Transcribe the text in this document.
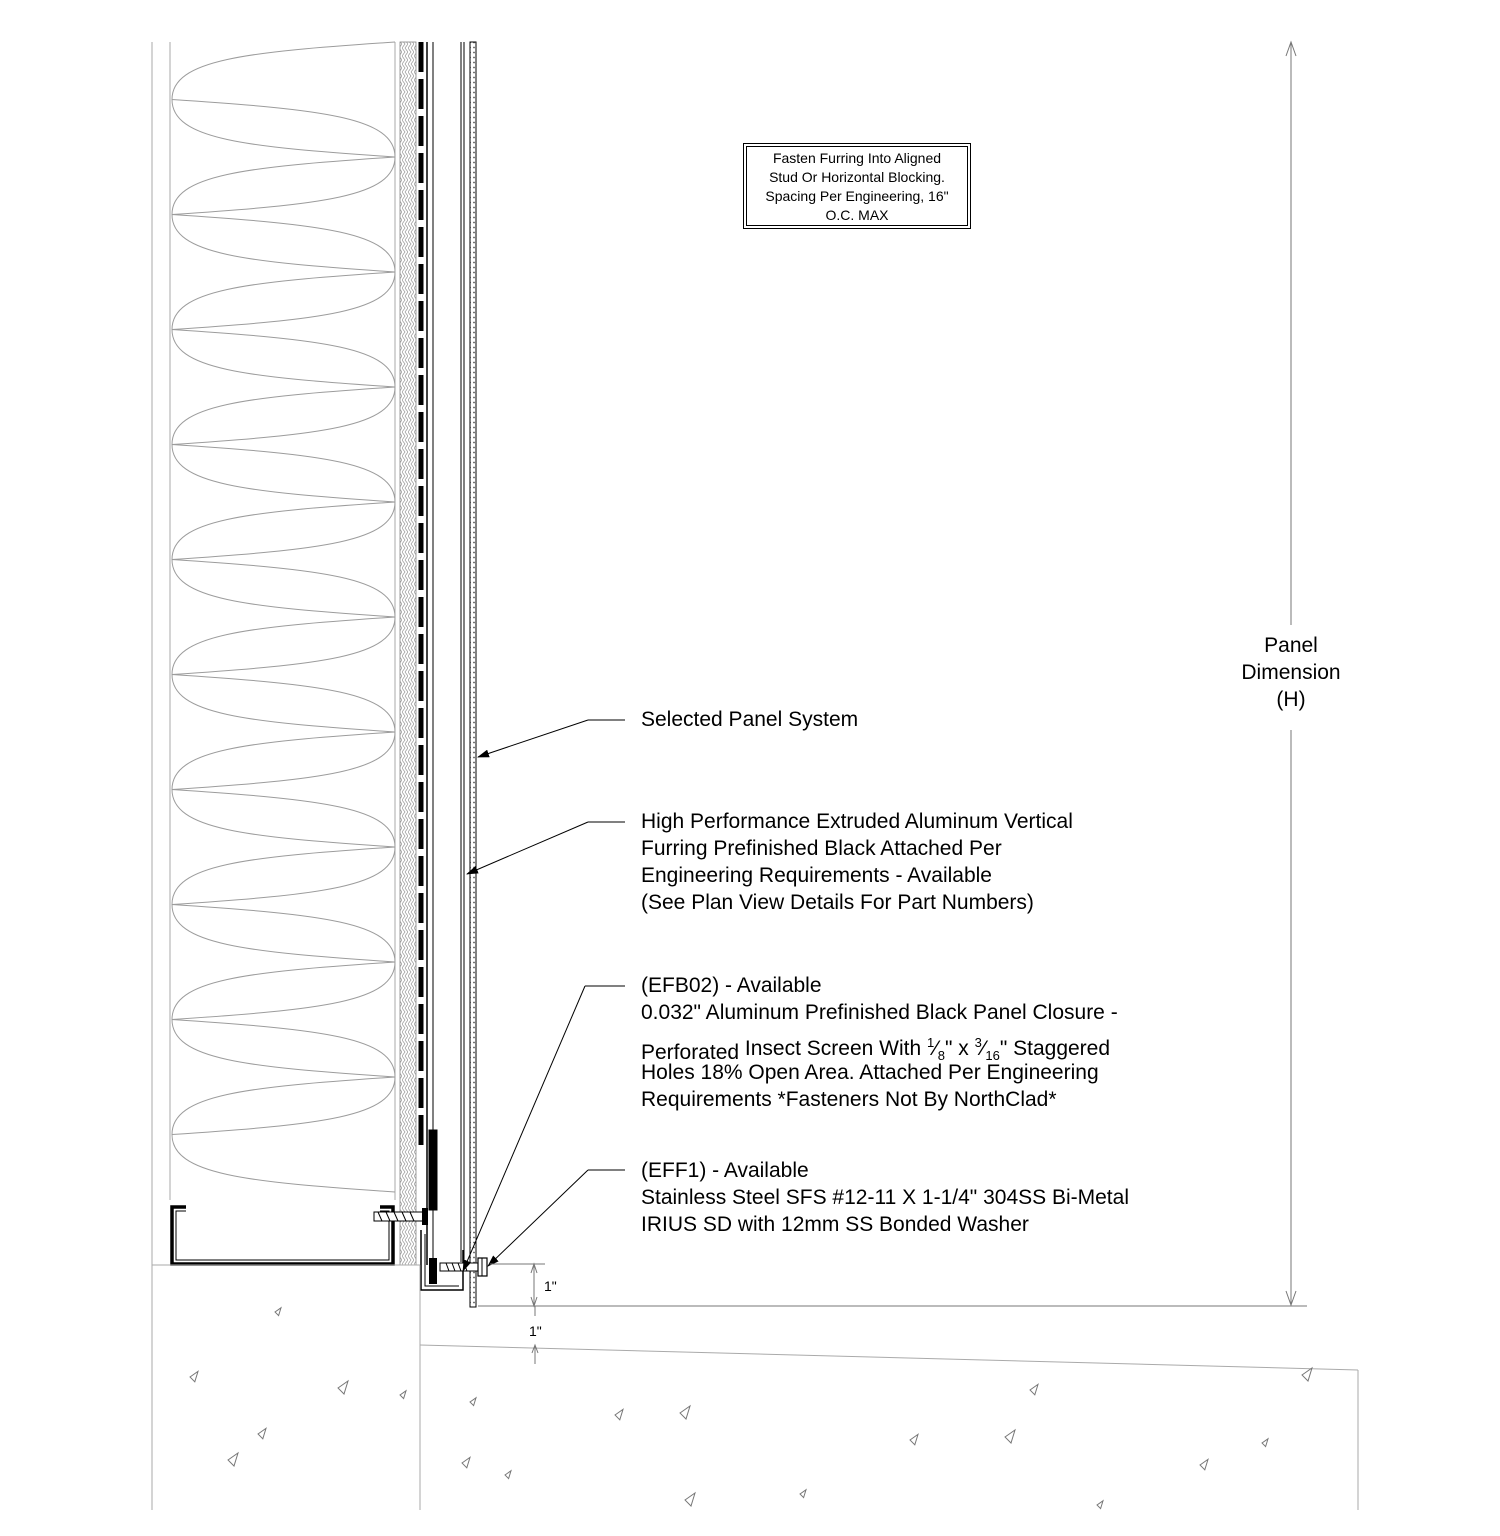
Fasten Furring Into Aligned
Stud Or Horizontal Blocking.
Spacing Per Engineering, 16"
O.C. MAX
Panel
Dimension
(H)
Selected Panel System
High Performance Extruded Aluminum Vertical
Furring Prefinished Black Attached Per
Engineering Requirements - Available
(See Plan View Details For Part Numbers)
(EFB02) - Available
0.032" Aluminum Prefinished Black Panel Closure -
Perforated Insect Screen With $^1⁄_8$" x $^3⁄_{16}$" Staggered
Holes 18% Open Area. Attached Per Engineering
Requirements *Fasteners Not By NorthClad*
(EFF1) - Available
Stainless Steel SFS #12-11 X 1-1/4" 304SS Bi-Metal
IRIUS SD with 12mm SS Bonded Washer
1"
1"
